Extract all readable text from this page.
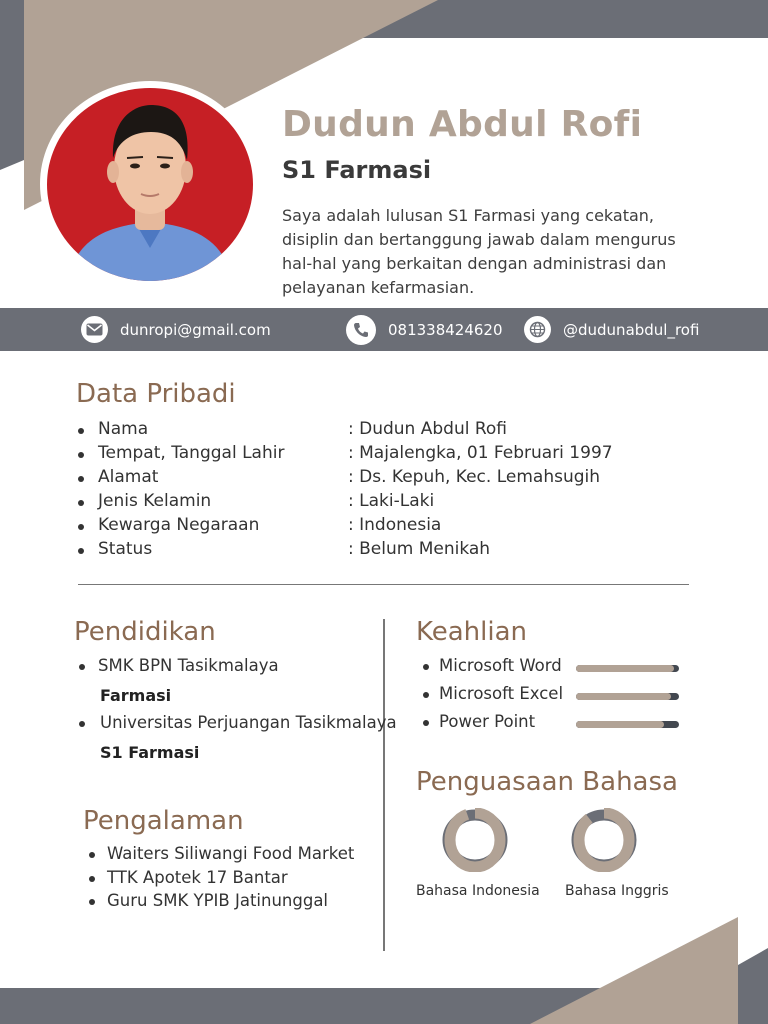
Dudun Abdul Rofi
S1 Farmasi

Saya adalah lulusan S1 Farmasi yang cekatan, disiplin dan bertanggung jawab dalam mengurus hal-hal yang berkaitan dengan administrasi dan pelayanan kefarmasian.

dunropi@gmail.com	081338424620	@dudunabdul_rofi
Data Pribadi
Nama	: Dudun Abdul Rofi
Tempat, Tanggal Lahir	: Majalengka, 01 Februari 1997
Alamat	: Ds. Kepuh, Kec. Lemahsugih
Jenis Kelamin	: Laki-Laki
Kewarga Negaraan	: Indonesia
Status	: Belum Menikah
Pendidikan
SMK BPN Tasikmalaya
Farmasi
Universitas Perjuangan Tasikmalaya
S1 Farmasi
Pengalaman
Waiters Siliwangi Food Market
TTK Apotek 17 Bantar
Guru SMK YPIB Jatinunggal
Keahlian
Microsoft Word
Microsoft Excel
Power Point
Penguasaan Bahasa
Bahasa Indonesia Bahasa Inggris
